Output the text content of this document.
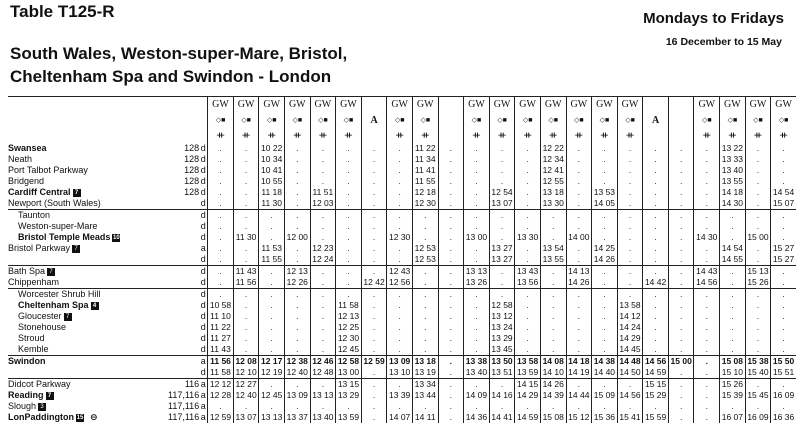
Table T125-R	Mondays to Fridays
16 December to 15 May
South Wales, Weston-super-Mare, Bristol,
Cheltenham Spa and Swindon - London
			GW	GW	GW	GW	GW	GW		GW	GW		GW	GW	GW	GW	GW	GW	GW			GW	GW	GW	GW
			◇■	◇■	◇■	◇■	◇■	◇■	A	◇■	◇■		◇■	◇■	◇■	◇■	◇■	◇■	◇■	A		◇■	◇■	◇■	◇■
			ᚑ	ᚑ	ᚑ	ᚑ	ᚑ	ᚑ		ᚑ	ᚑ		ᚑ	ᚑ	ᚑ	ᚑ	ᚑ	ᚑ	ᚑ			ᚑ	ᚑ	ᚑ	ᚑ
Swansea	128	d	.	.	10 22	.	.	.	.	.	11 22	.	.	.	.	12 22	.	.	.	.	.	.	13 22	.	.
Neath	128	d	.	.	10 34	.	.	.	.	.	11 34	.	.	.	.	12 34	.	.	.	.	.	.	13 33	.	.
Port Talbot Parkway	128	d	.	.	10 41	.	.	.	.	.	11 41	.	.	.	.	12 41	.	.	.	.	.	.	13 40	.	.
Bridgend	128	d	.	.	10 55	.	.	.	.	.	11 55	.	.	.	.	12 55	.	.	.	.	.	.	13 55	.	.
Cardiff Central 7	128	d	.	.	11 18	.	11 51	.	.	.	12 18	.	.	12 54	.	13 18	.	13 53	.	.	.	.	14 18	.	14 54
Newport (South Wales)		d	.	.	11 30	.	12 03	.	.	.	12 30	.	.	13 07	.	13 30	.	14 05	.	.	.	.	14 30	.	15 07
Taunton		d	.	.	.	.	.	.	.	.	.	.	.	.	.	.	.	.	.	.	.	.	.	.	.
Weston-super-Mare		d	.	.	.	.	.	.	.	.	.	.	.	.	.	.	.	.	.	.	.	.	.	.	.
Bristol Temple Meads 10		d	.	11 30	.	12 00	.	.	.	12 30	.	.	13 00	.	13 30	.	14 00	.	.	.	.	14 30	.	15 00	.
Bristol Parkway 7		a	.	.	11 53	.	12 23	.	.	.	12 53	.	.	13 27	.	13 54	.	14 25	.	.	.	.	14 54	.	15 27
		d	.	.	11 55	.	12 24	.	.	.	12 53	.	.	13 27	.	13 55	.	14 26	.	.	.	.	14 55	.	15 27
Bath Spa 7		d	.	11 43	.	12 13	.	.	.	12 43	.	.	13 13	.	13 43	.	14 13	.	.	.	.	14 43	.	15 13	.
Chippenham		d	.	11 56	.	12 26	.	.	12 42	12 56	.	.	13 26	.	13 56	.	14 26	.	.	14 42	.	14 56	.	15 26	.
Worcester Shrub Hill		d	.	.	.	.	.	.	.	.	.	.	.	.	.	.	.	.	.	.	.	.	.	.	.
Cheltenham Spa 4		d	10 58	.	.	.	.	11 58	.	.	.	.	.	12 58	.	.	.	.	13 58	.	.	.	.	.	.
Gloucester 7		d	11 10	.	.	.	.	12 13	.	.	.	.	.	13 12	.	.	.	.	14 12	.	.	.	.	.	.
Stonehouse		d	11 22	.	.	.	.	12 25	.	.	.	.	.	13 24	.	.	.	.	14 24	.	.	.	.	.	.
Stroud		d	11 27	.	.	.	.	12 30	.	.	.	.	.	13 29	.	.	.	.	14 29	.	.	.	.	.	.
Kemble		d	11 43	.	.	.	.	12 45	.	.	.	.	.	13 45	.	.	.	.	14 45	.	.	.	.	.	.
Swindon		a	11 56	12 08	12 17	12 38	12 46	12 58	12 59	13 09	13 18	.	13 38	13 50	13 58	14 08	14 18	14 38	14 48	14 56	15 00	.	15 08	15 38	15 50
		d	11 58	12 10	12 19	12 40	12 48	13 00	.	13 10	13 19	.	13 40	13 51	13 59	14 10	14 19	14 40	14 50	14 59	.	.	15 10	15 40	15 51
Didcot Parkway	116	a	12 12	12 27	.	.	.	13 15	.	.	13 34	.	.	.	14 15	14 26	.	.	.	15 15	.	.	15 26	.	.
Reading 7	117,116	a	12 28	12 40	12 45	13 09	13 13	13 29	.	13 39	13 44	.	14 09	14 16	14 29	14 39	14 44	15 09	14 56	15 29	.	.	15 39	15 45	16 09
Slough 3	117,116	a	.	.	.	.	.	.	.	.	.	.	.	.	.	.	.	.	.	.	.	.	.	.	.
LonPaddington 15 ⊖	117,116	a	12 59	13 07	13 13	13 37	13 40	13 59	.	14 07	14 11	.	14 36	14 41	14 59	15 08	15 12	15 36	15 41	15 59	.	.	16 07	16 09	16 36
